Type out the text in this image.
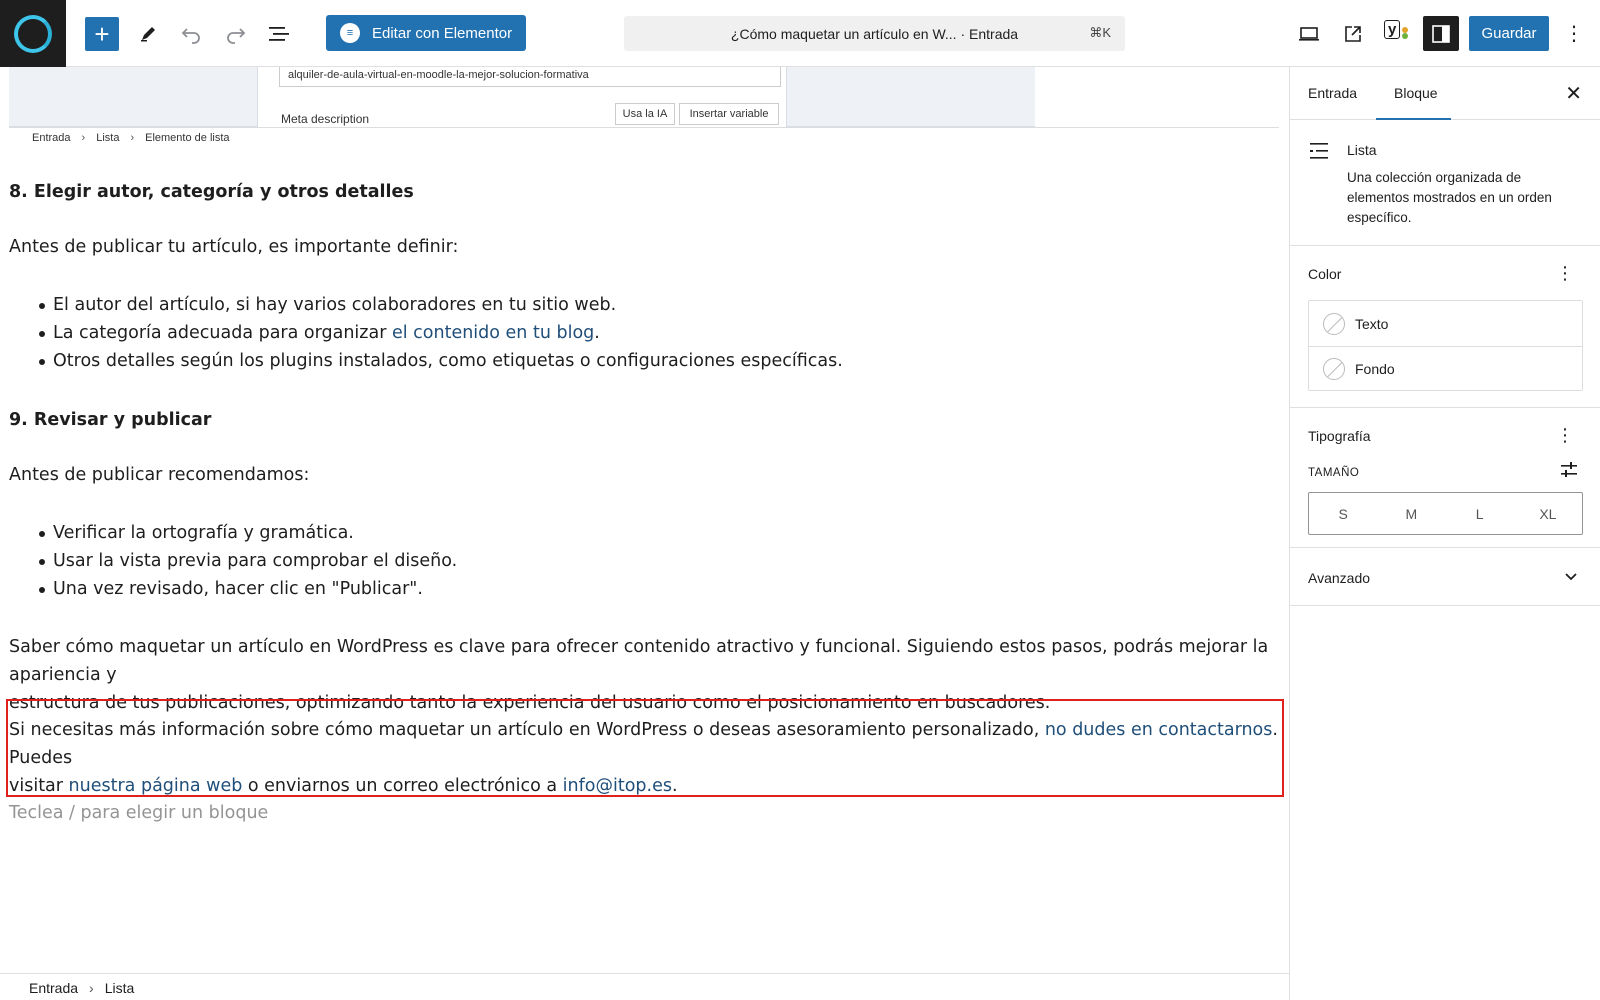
+	≡	Editar con Elementor	¿Cómo maquetar un artículo en W... · Entrada	⌘K	y	Guardar	⋮
alquiler-de-aula-virtual-en-moodle-la-mejor-solucion-formativa
Meta description	Usa la IA	Insertar variable
Entrada › Lista › Elemento de lista
8. Elegir autor, categoría y otros detalles

Antes de publicar tu artículo, es importante definir:

El autor del artículo, si hay varios colaboradores en tu sitio web.
La categoría adecuada para organizar el contenido en tu blog.
Otros detalles según los plugins instalados, como etiquetas o configuraciones específicas.
9. Revisar y publicar

Antes de publicar recomendamos:

Verificar la ortografía y gramática.
Usar la vista previa para comprobar el diseño.
Una vez revisado, hacer clic en "Publicar".

Saber cómo maquetar un artículo en WordPress es clave para ofrecer contenido atractivo y funcional. Siguiendo estos pasos, podrás mejorar la apariencia y
estructura de tus publicaciones, optimizando tanto la experiencia del usuario como el posicionamiento en buscadores.

Si necesitas más información sobre cómo maquetar un artículo en WordPress o deseas asesoramiento personalizado, no dudes en contactarnos. Puedes
visitar nuestra página web o enviarnos un correo electrónico a info@itop.es.

Teclea / para elegir un bloque

Entrada › Lista
Entrada	Bloque	✕
Lista
Una colección organizada de elementos mostrados en un orden específico.
Color	⋮
Texto
Fondo
Tipografía	⋮
TAMAÑO
S	M	L	XL
Avanzado
